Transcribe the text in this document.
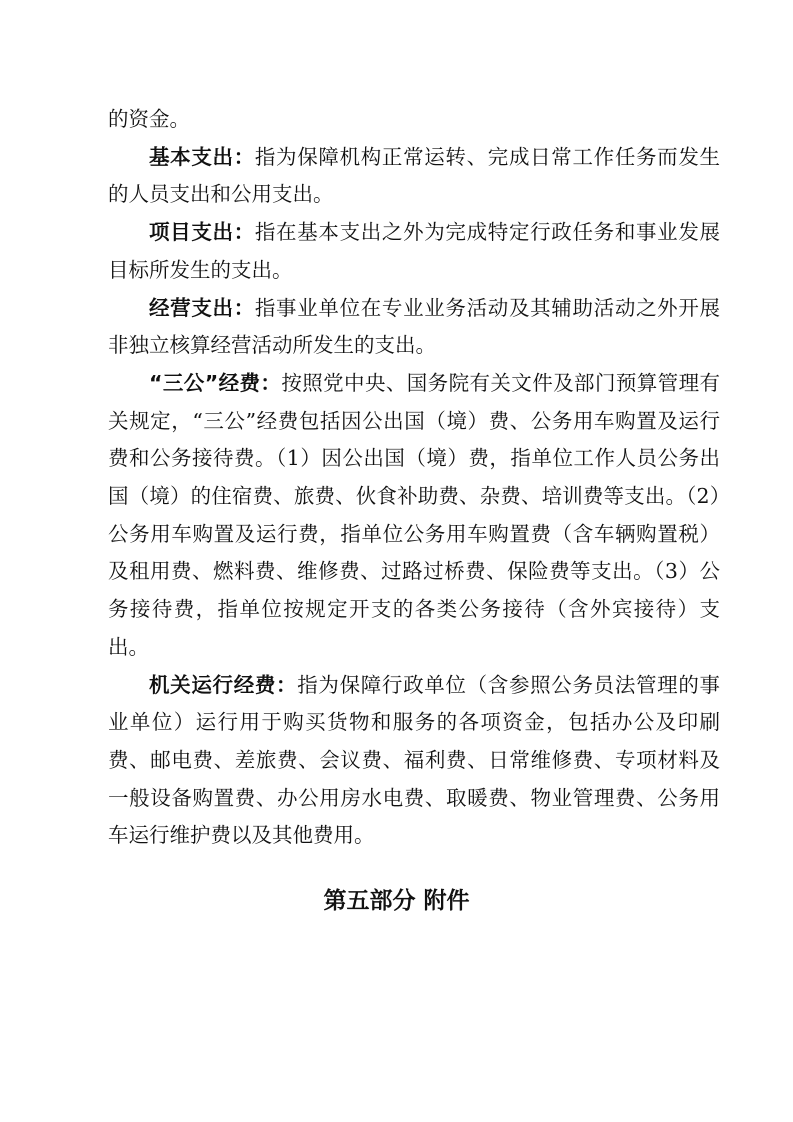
的资金。

基本支出：指为保障机构正常运转、完成日常工作任务而发生的人员支出和公用支出。

项目支出：指在基本支出之外为完成特定行政任务和事业发展目标所发生的支出。

经营支出：指事业单位在专业业务活动及其辅助活动之外开展非独立核算经营活动所发生的支出。

“三公”经费：按照党中央、国务院有关文件及部门预算管理有关规定，“三公”经费包括因公出国（境）费、公务用车购置及运行费和公务接待费。（1）因公出国（境）费，指单位工作人员公务出国（境）的住宿费、旅费、伙食补助费、杂费、培训费等支出。（2）公务用车购置及运行费，指单位公务用车购置费（含车辆购置税）及租用费、燃料费、维修费、过路过桥费、保险费等支出。（3）公务接待费，指单位按规定开支的各类公务接待（含外宾接待）支出。

机关运行经费：指为保障行政单位（含参照公务员法管理的事业单位）运行用于购买货物和服务的各项资金，包括办公及印刷费、邮电费、差旅费、会议费、福利费、日常维修费、专项材料及一般设备购置费、办公用房水电费、取暖费、物业管理费、公务用车运行维护费以及其他费用。

第五部分 附件
